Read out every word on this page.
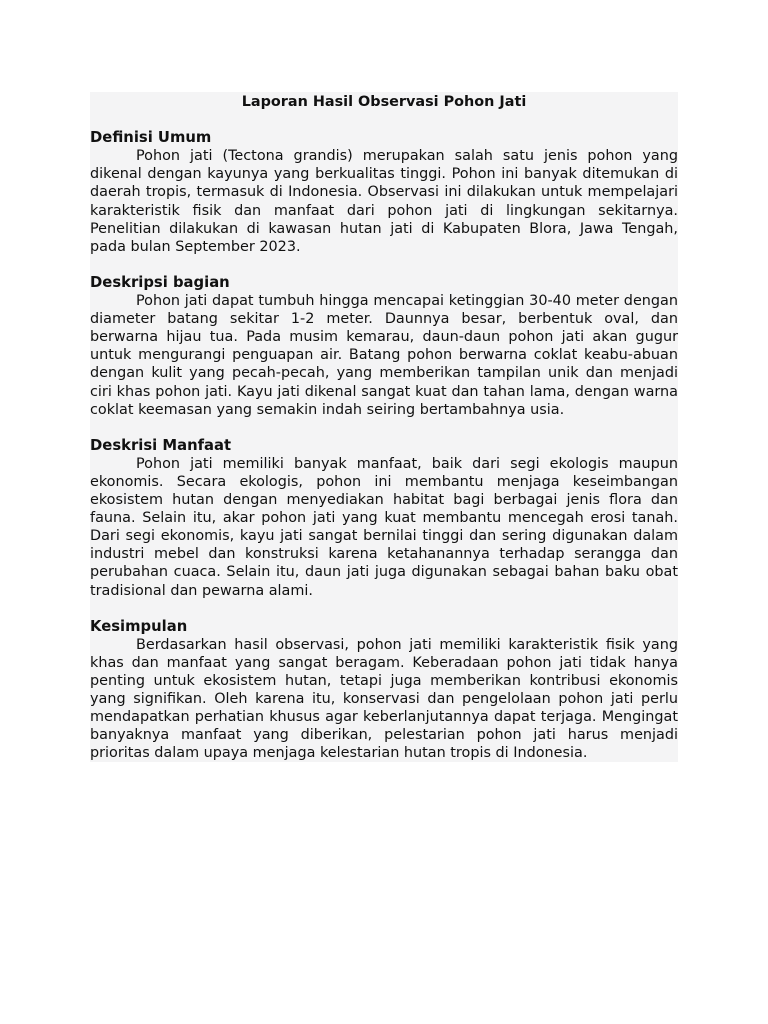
Laporan Hasil Observasi Pohon Jati
Definisi Umum

Pohon jati (Tectona grandis) merupakan salah satu jenis pohon yang dikenal dengan kayunya yang berkualitas tinggi. Pohon ini banyak ditemukan di daerah tropis, termasuk di Indonesia. Observasi ini dilakukan untuk mempelajari karakteristik fisik dan manfaat dari pohon jati di lingkungan sekitarnya. Penelitian dilakukan di kawasan hutan jati di Kabupaten Blora, Jawa Tengah, pada bulan September 2023.

Deskripsi bagian

Pohon jati dapat tumbuh hingga mencapai ketinggian 30-40 meter dengan diameter batang sekitar 1-2 meter. Daunnya besar, berbentuk oval, dan berwarna hijau tua. Pada musim kemarau, daun-daun pohon jati akan gugur untuk mengurangi penguapan air. Batang pohon berwarna coklat keabu-abuan dengan kulit yang pecah-pecah, yang memberikan tampilan unik dan menjadi ciri khas pohon jati. Kayu jati dikenal sangat kuat dan tahan lama, dengan warna coklat keemasan yang semakin indah seiring bertambahnya usia.

Deskrisi Manfaat

Pohon jati memiliki banyak manfaat, baik dari segi ekologis maupun ekonomis. Secara ekologis, pohon ini membantu menjaga keseimbangan ekosistem hutan dengan menyediakan habitat bagi berbagai jenis flora dan fauna. Selain itu, akar pohon jati yang kuat membantu mencegah erosi tanah. Dari segi ekonomis, kayu jati sangat bernilai tinggi dan sering digunakan dalam industri mebel dan konstruksi karena ketahanannya terhadap serangga dan perubahan cuaca. Selain itu, daun jati juga digunakan sebagai bahan baku obat tradisional dan pewarna alami.

Kesimpulan

Berdasarkan hasil observasi, pohon jati memiliki karakteristik fisik yang khas dan manfaat yang sangat beragam. Keberadaan pohon jati tidak hanya penting untuk ekosistem hutan, tetapi juga memberikan kontribusi ekonomis yang signifikan. Oleh karena itu, konservasi dan pengelolaan pohon jati perlu mendapatkan perhatian khusus agar keberlanjutannya dapat terjaga. Mengingat banyaknya manfaat yang diberikan, pelestarian pohon jati harus menjadi prioritas dalam upaya menjaga kelestarian hutan tropis di Indonesia.
